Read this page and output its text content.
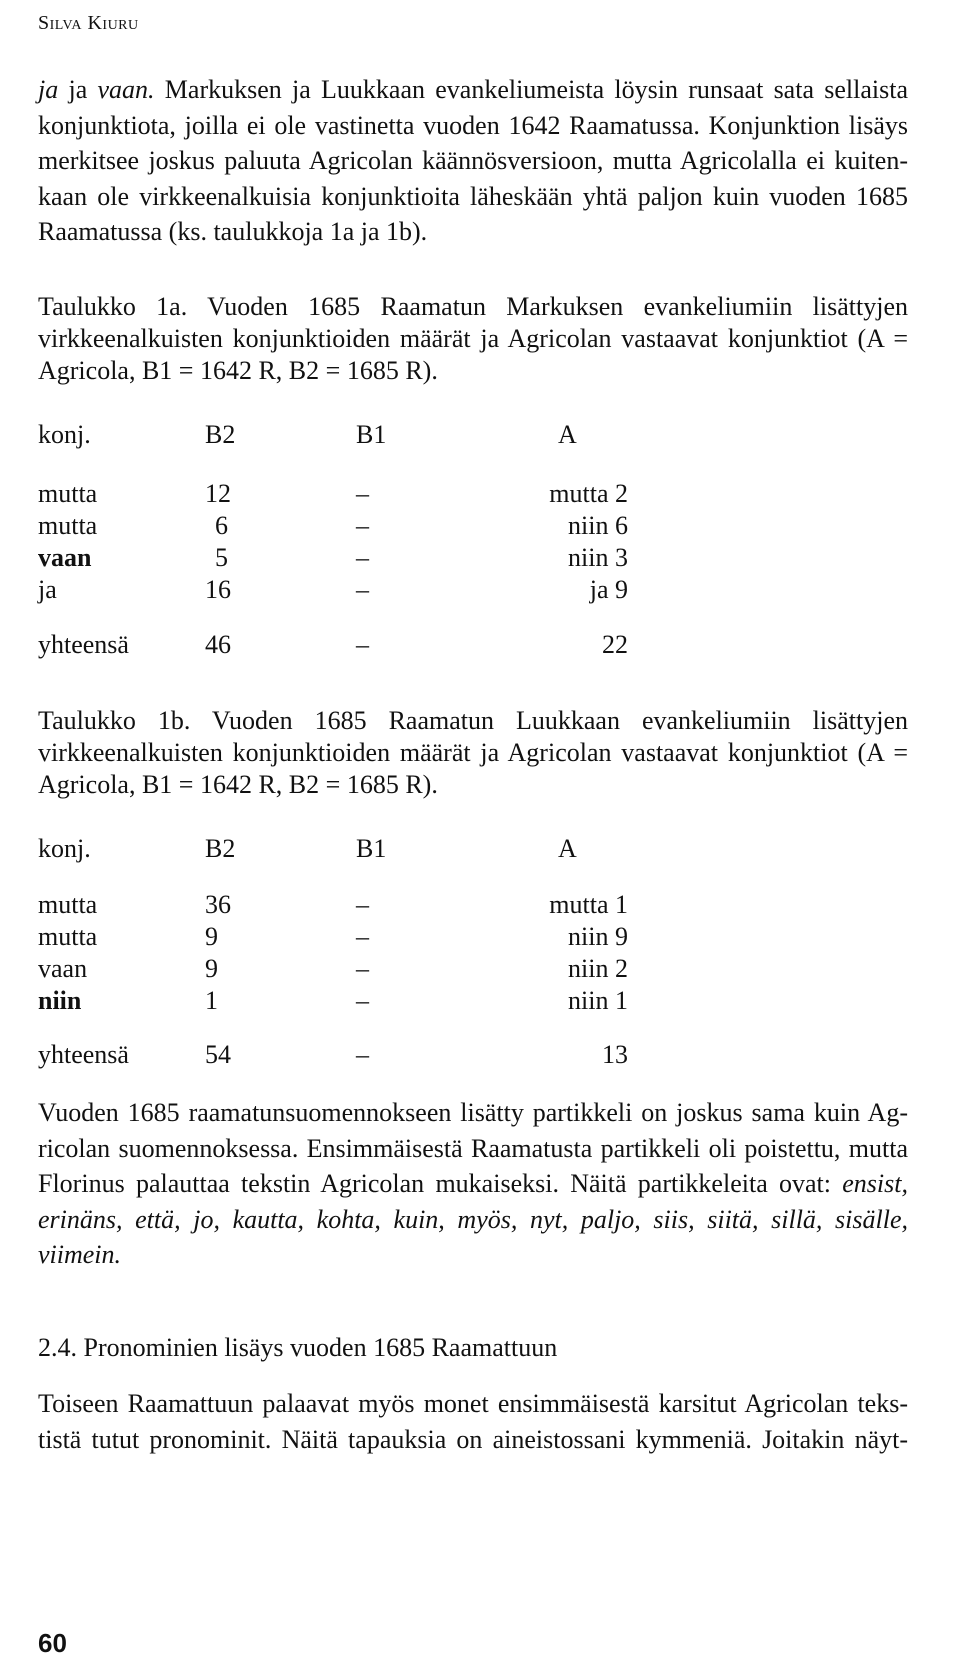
Silva Kiuru
ja ja vaan. Markuksen ja Luukkaan evankeliumeista löysin runsaat sata sellaista
konjunktiota, joilla ei ole vastinetta vuoden 1642 Raamatussa. Konjunktion lisäys
merkitsee joskus paluuta Agricolan käännösversioon, mutta Agricolalla ei kuiten-
kaan ole virkkeenalkuisia konjunktioita läheskään yhtä paljon kuin vuoden 1685
Raamatussa (ks. taulukkoja 1a ja 1b).
Taulukko 1a. Vuoden 1685 Raamatun Markuksen evankeliumiin lisättyjen
virkkeenalkuisten konjunktioiden määrät ja Agricolan vastaavat konjunktiot (A =
Agricola, B1 = 1642 R, B2 = 1685 R).
konj.	B2	B1	A
mutta	12	–	mutta 2
mutta	6	–	niin 6
vaan	5	–	niin 3
ja	16	–	ja 9
yhteensä	46	–	22
Taulukko 1b. Vuoden 1685 Raamatun Luukkaan evankeliumiin lisättyjen
virkkeenalkuisten konjunktioiden määrät ja Agricolan vastaavat konjunktiot (A =
Agricola, B1 = 1642 R, B2 = 1685 R).
konj.	B2	B1	A
mutta	36	–	mutta 1
mutta	9	–	niin 9
vaan	9	–	niin 2
niin	1	–	niin 1
yhteensä	54	–	13
Vuoden 1685 raamatunsuomennokseen lisätty partikkeli on joskus sama kuin Ag-
ricolan suomennoksessa. Ensimmäisestä Raamatusta partikkeli oli poistettu, mutta
Florinus palauttaa tekstin Agricolan mukaiseksi. Näitä partikkeleita ovat: ensist,
erinäns, että, jo, kautta, kohta, kuin, myös, nyt, paljo, siis, siitä, sillä, sisälle,
viimein.
2.4. Pronominien lisäys vuoden 1685 Raamattuun
Toiseen Raamattuun palaavat myös monet ensimmäisestä karsitut Agricolan teks-
tistä tutut pronominit. Näitä tapauksia on aineistossani kymmeniä. Joitakin näyt-
60
